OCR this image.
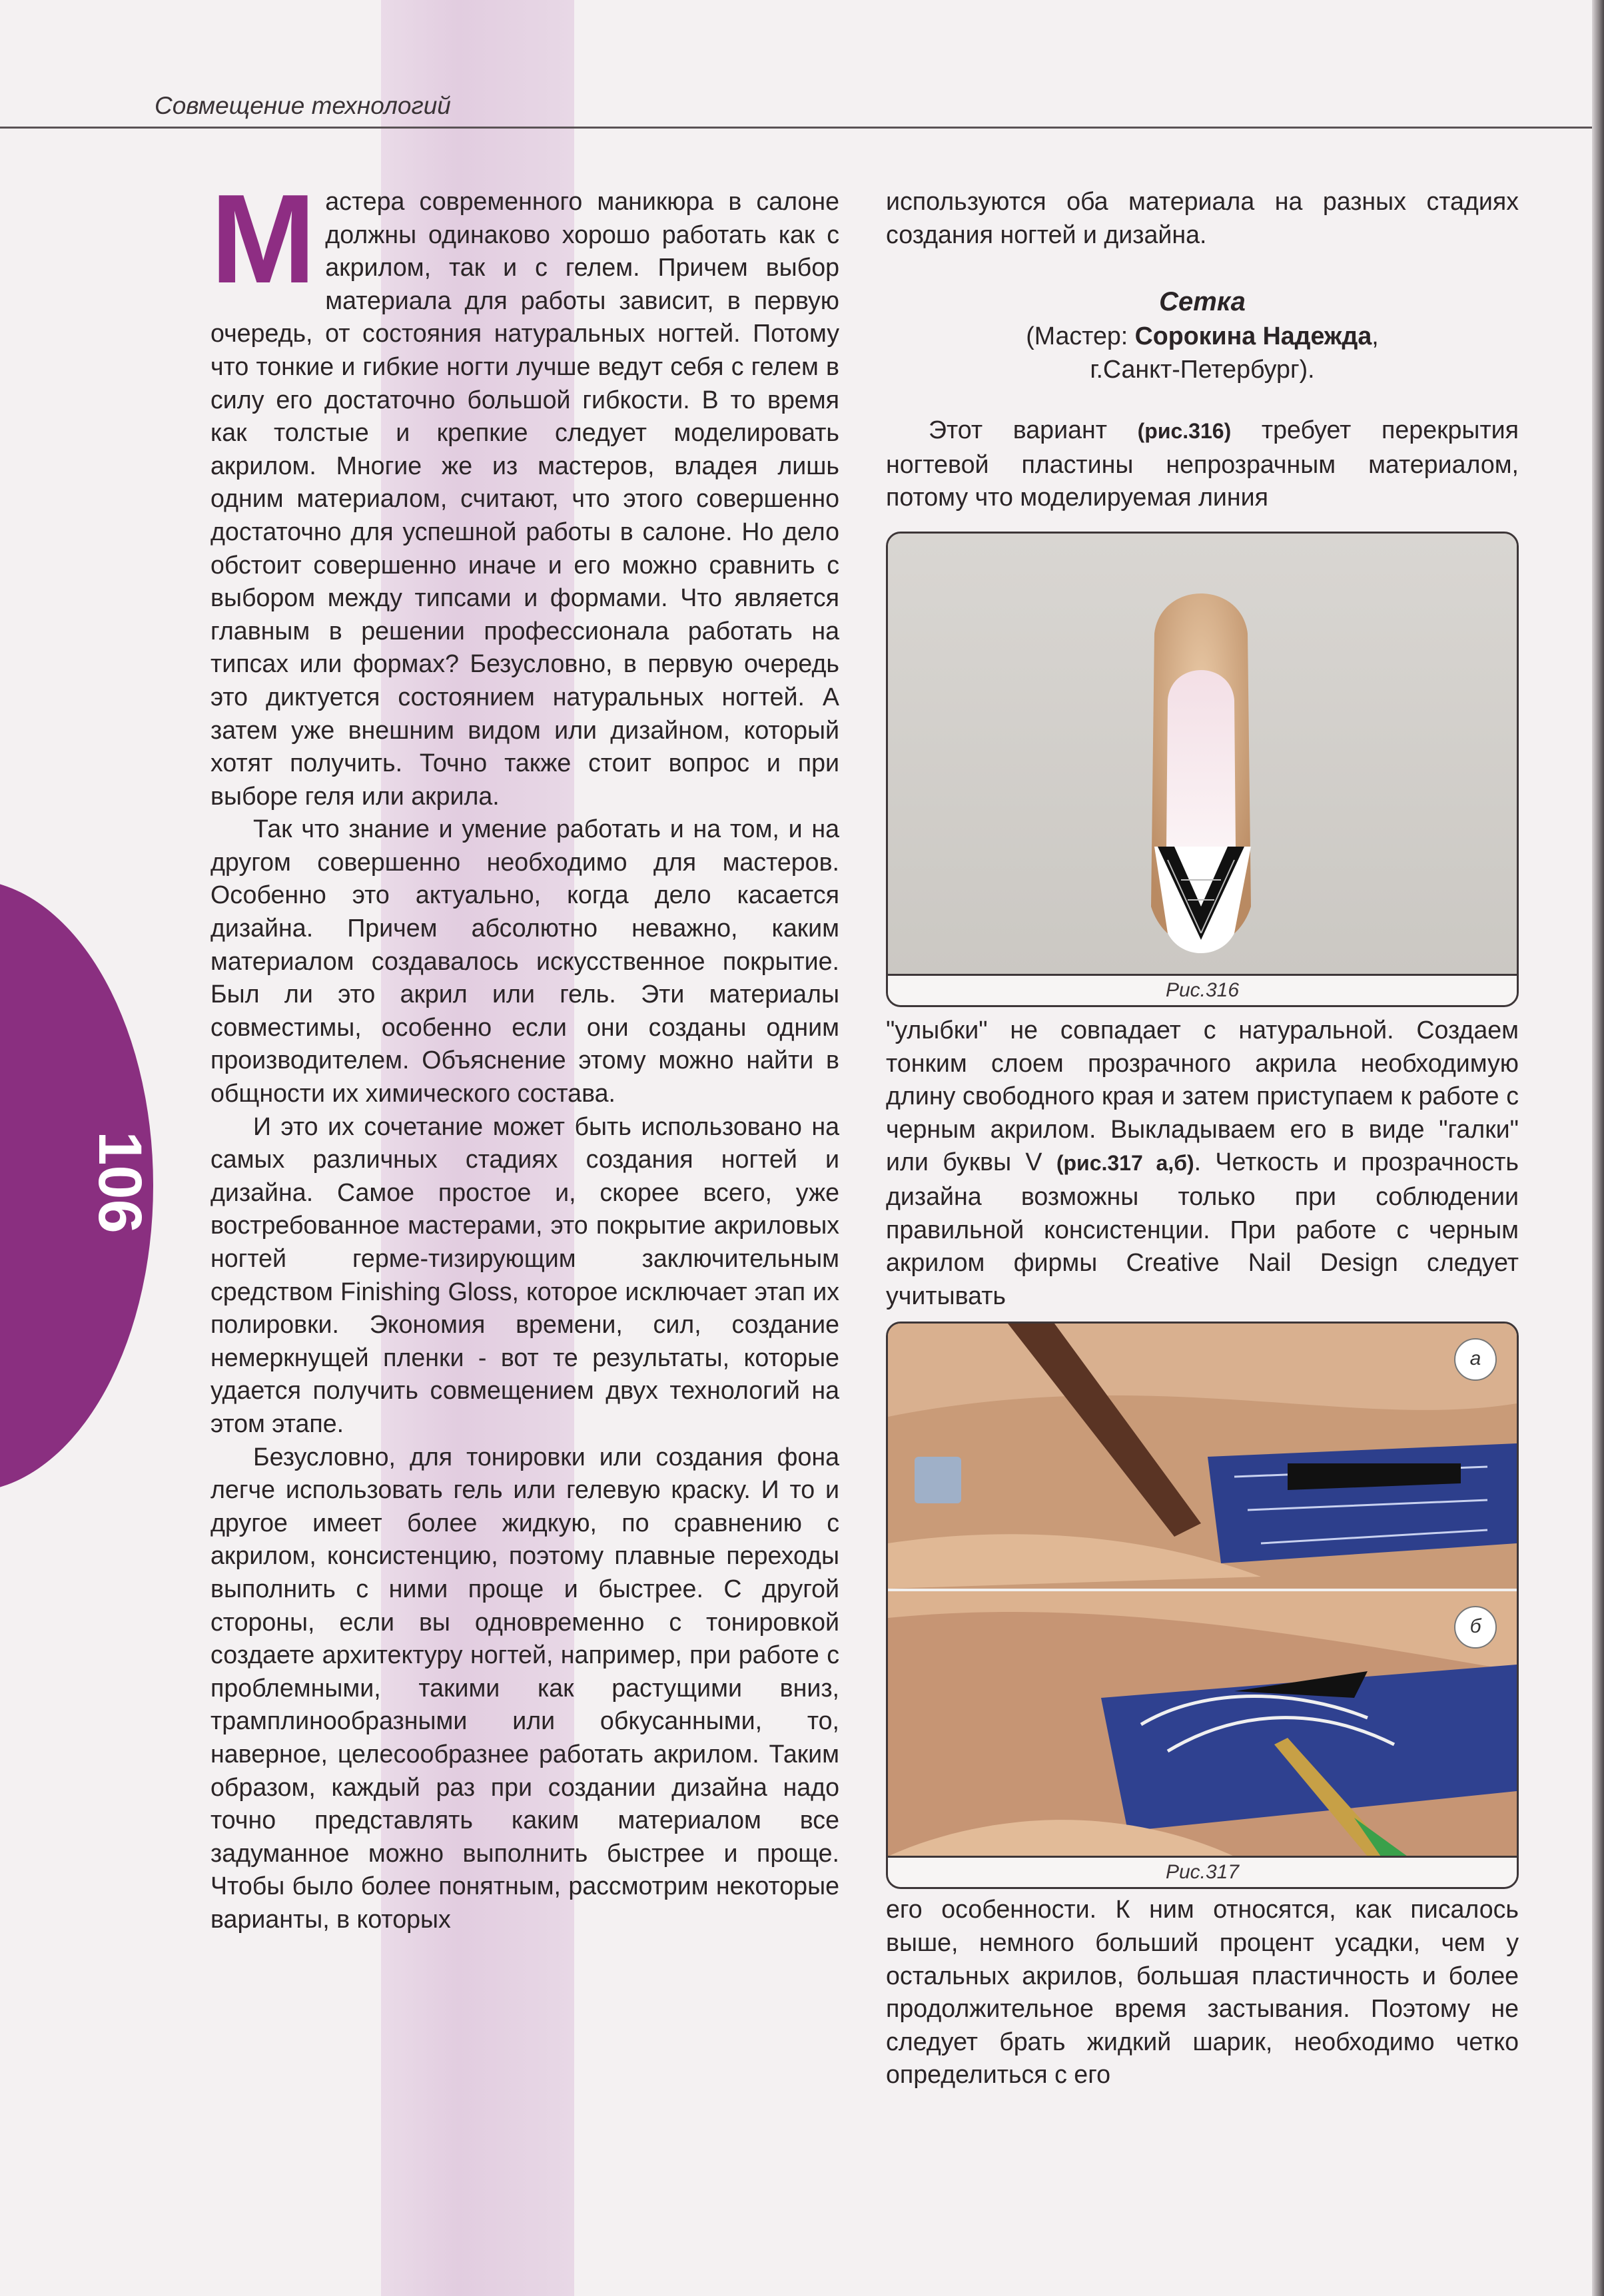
Совмещение технологий
106

Мастера современного маникюра в салоне должны одинаково хорошо работать как с акрилом, так и с гелем. Причем выбор материала для работы зависит, в первую очередь, от состояния натуральных ногтей. Потому что тонкие и гибкие ногти лучше ведут себя с гелем в силу его достаточно большой гибкости. В то время как толстые и крепкие следует моделировать акрилом. Многие же из мастеров, владея лишь одним материалом, считают, что этого совершенно достаточно для успешной работы в салоне. Но дело обстоит совершенно иначе и его можно сравнить с выбором между типсами и формами. Что является главным в решении профессионала работать на типсах или формах? Безусловно, в первую очередь это диктуется состоянием натуральных ногтей. А затем уже внешним видом или дизайном, который хотят получить. Точно также стоит вопрос и при выборе геля или акрила.

Так что знание и умение работать и на том, и на другом совершенно необходимо для мастеров. Особенно это актуально, когда дело касается дизайна. Причем абсолютно неважно, каким материалом создавалось искусственное покрытие. Был ли это акрил или гель. Эти материалы совместимы, особенно если они созданы одним производителем. Объяснение этому можно найти в общности их химического состава.

И это их сочетание может быть использовано на самых различных стадиях создания ногтей и дизайна. Самое простое и, скорее всего, уже востребованное мастерами, это покрытие акриловых ногтей герме-тизирующим заключительным средством Finishing Gloss, которое исключает этап их полировки. Экономия времени, сил, создание немеркнущей пленки - вот те результаты, которые удается получить совмещением двух технологий на этом этапе.

Безусловно, для тонировки или создания фона легче использовать гель или гелевую краску. И то и другое имеет более жидкую, по сравнению с акрилом, консистенцию, поэтому плавные переходы выполнить с ними проще и быстрее. С другой стороны, если вы одновременно с тонировкой создаете архитектуру ногтей, например, при работе с проблемными, такими как растущими вниз, трамплинообразными или обкусанными, то, наверное, целесообразнее работать акрилом. Таким образом, каждый раз при создании дизайна надо точно представлять каким материалом все задуманное можно выполнить быстрее и проще. Чтобы было более понятным, рассмотрим некоторые варианты, в которых

используются оба материала на разных стадиях создания ногтей и дизайна.

Сетка

(Мастер: Сорокина Надежда,

г.Санкт-Петербург).

Этот вариант (рис.316) требует перекрытия ногтевой пластины непрозрачным материалом, потому что моделируемая линия

Рис.316

"улыбки" не совпадает с натуральной. Создаем тонким слоем прозрачного акрила необходимую длину свободного края и затем приступаем к работе с черным акрилом. Выкладываем его в виде "галки" или буквы V (рис.317 а,б). Четкость и прозрачность дизайна возможны только при соблюдении правильной консистенции. При работе с черным акрилом фирмы Creative Nail Design следует учитывать

а
б
Рис.317

его особенности. К ним относятся, как писалось выше, немного больший процент усадки, чем у остальных акрилов, большая пластичность и более продолжительное время застывания. Поэтому не следует брать жидкий шарик, необходимо четко определиться с его
